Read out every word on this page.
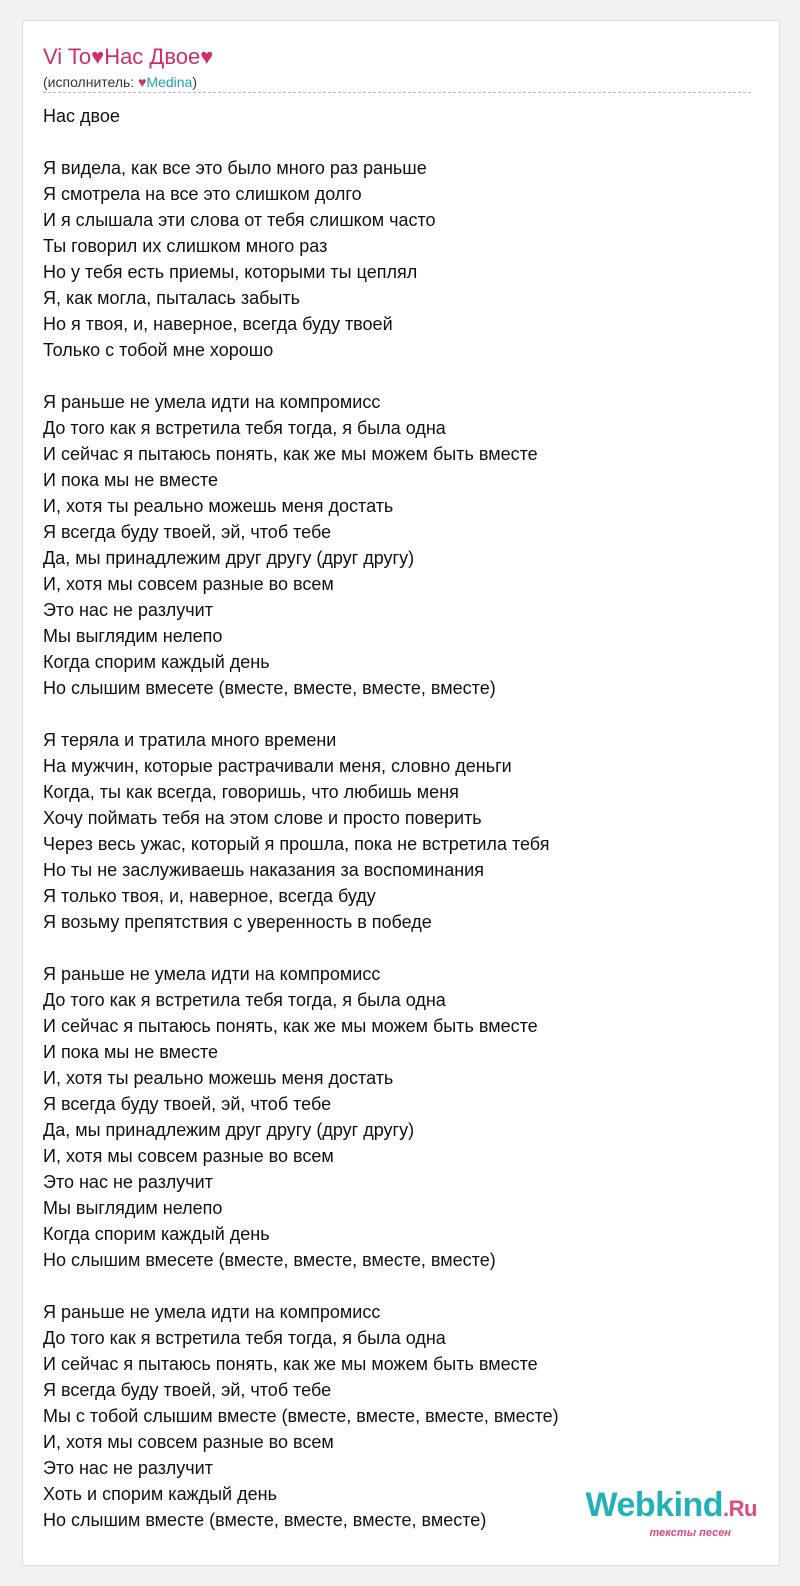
Vi To♥Нас Двое♥
(исполнитель: ♥Medina)
Нас двое
Я видела, как все это было много раз раньше
Я смотрела на все это слишком долго
И я слышала эти слова от тебя слишком часто
Ты говорил их слишком много раз
Но у тебя есть приемы, которыми ты цеплял
Я, как могла, пыталась забыть
Но я твоя, и, наверное, всегда буду твоей
Только с тобой мне хорошо
Я раньше не умела идти на компромисс
До того как я встретила тебя тогда, я была одна
И сейчас я пытаюсь понять, как же мы можем быть вместе
И пока мы не вместе
И, хотя ты реально можешь меня достать
Я всегда буду твоей, эй, чтоб тебе
Да, мы принадлежим друг другу (друг другу)
И, хотя мы совсем разные во всем
Это нас не разлучит
Мы выглядим нелепо
Когда спорим каждый день
Но слышим вмесете (вместе, вместе, вместе, вместе)
Я теряла и тратила много времени
На мужчин, которые растрачивали меня, словно деньги
Когда, ты как всегда, говоришь, что любишь меня
Хочу поймать тебя на этом слове и просто поверить
Через весь ужас, который я прошла, пока не встретила тебя
Но ты не заслуживаешь наказания за воспоминания
Я только твоя, и, наверное, всегда буду
Я возьму препятствия с уверенность в победе
Я раньше не умела идти на компромисс
До того как я встретила тебя тогда, я была одна
И сейчас я пытаюсь понять, как же мы можем быть вместе
И пока мы не вместе
И, хотя ты реально можешь меня достать
Я всегда буду твоей, эй, чтоб тебе
Да, мы принадлежим друг другу (друг другу)
И, хотя мы совсем разные во всем
Это нас не разлучит
Мы выглядим нелепо
Когда спорим каждый день
Но слышим вмесете (вместе, вместе, вместе, вместе)
Я раньше не умела идти на компромисс
До того как я встретила тебя тогда, я была одна
И сейчас я пытаюсь понять, как же мы можем быть вместе
Я всегда буду твоей, эй, чтоб тебе
Мы с тобой слышим вместе (вместе, вместе, вместе, вместе)
И, хотя мы совсем разные во всем
Это нас не разлучит
Хоть и спорим каждый день
Но слышим вместе (вместе, вместе, вместе, вместе)	Webkind.Ru
тексты песен
